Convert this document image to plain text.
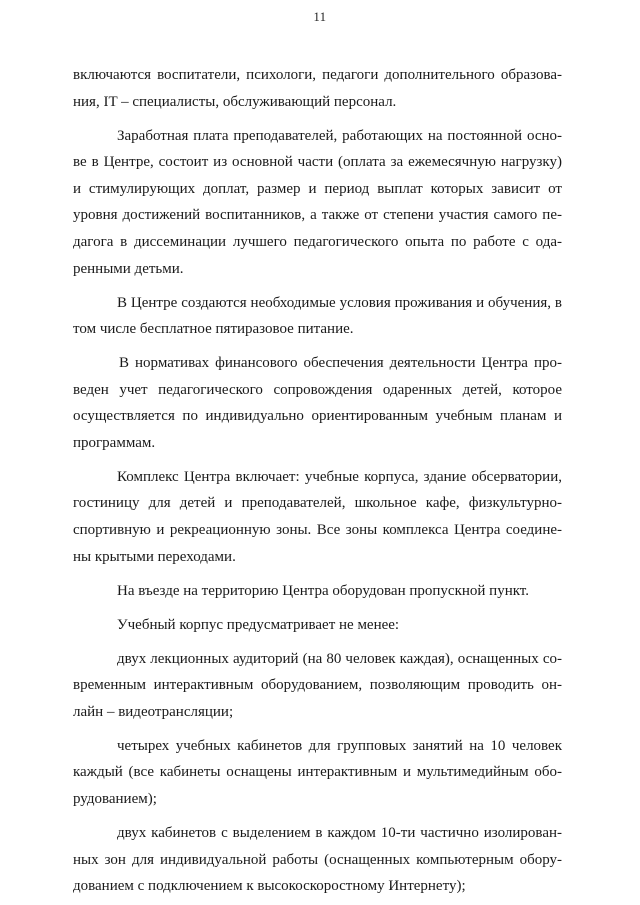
11
включаются воспитатели, психологи, педагоги дополнительного образова-
ния, IT – специалисты, обслуживающий персонал.
Заработная плата преподавателей, работающих на постоянной осно-
ве в Центре, состоит из основной части (оплата за ежемесячную нагрузку)
и стимулирующих доплат, размер и период выплат которых зависит от
уровня достижений воспитанников, а также от степени участия самого пе-
дагога в диссеминации лучшего педагогического опыта по работе с ода-
ренными детьми.
В Центре создаются необходимые условия проживания и обучения, в
том числе бесплатное пятиразовое питание.
В нормативах финансового обеспечения деятельности Центра про-
веден учет педагогического сопровождения одаренных детей, которое
осуществляется по индивидуально ориентированным учебным планам и
программам.
Комплекс Центра включает: учебные корпуса, здание обсерватории,
гостиницу для детей и преподавателей, школьное кафе, физкультурно-
спортивную и рекреационную зоны. Все зоны комплекса Центра соедине-
ны крытыми переходами.
На въезде на территорию Центра оборудован пропускной пункт.
Учебный корпус предусматривает не менее:
двух лекционных аудиторий (на 80 человек каждая), оснащенных со-
временным интерактивным оборудованием, позволяющим проводить он-
лайн – видеотрансляции;
четырех учебных кабинетов для групповых занятий на 10 человек
каждый (все кабинеты оснащены интерактивным и мультимедийным обо-
рудованием);
двух кабинетов с выделением в каждом 10-ти частично изолирован-
ных зон для индивидуальной работы (оснащенных компьютерным обору-
дованием с подключением к высокоскоростному Интернету);
